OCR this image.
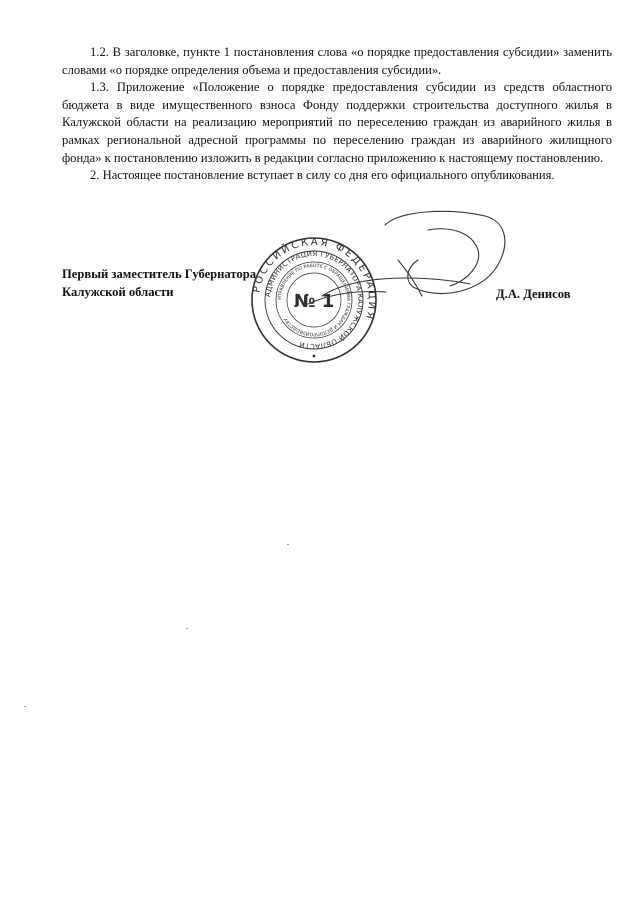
1.2. В заголовке, пункте 1 постановления слова «о порядке предоставления субсидии» заменить словами «о порядке определения объема и предоставления субсидии».

1.3. Приложение «Положение о порядке предоставления субсидии из средств областного бюджета в виде имущественного взноса Фонду поддержки строительства доступного жилья в Калужской области на реализацию мероприятий по переселению граждан из аварийного жилья в рамках региональной адресной программы по переселению граждан из аварийного жилищного фонда» к постановлению изложить в редакции согласно приложению к настоящему постановлению.

2. Настоящее постановление вступает в силу со дня его официального опубликования.

Первый заместитель Губернатора
Калужской области	Д.А. Денисов
РОССИЙСКАЯ ФЕДЕРАЦИЯ
АДМИНИСТРАЦИЯ ГУБЕРНАТОРА КАЛУЖСКОЙ ОБЛАСТИ
УПРАВЛЕНИЕ ПО РАБОТЕ С ОБРАЩЕНИЯМИ ГРАЖДАН И ДЕЛОПРОИЗВОДСТВУ
№ 1
